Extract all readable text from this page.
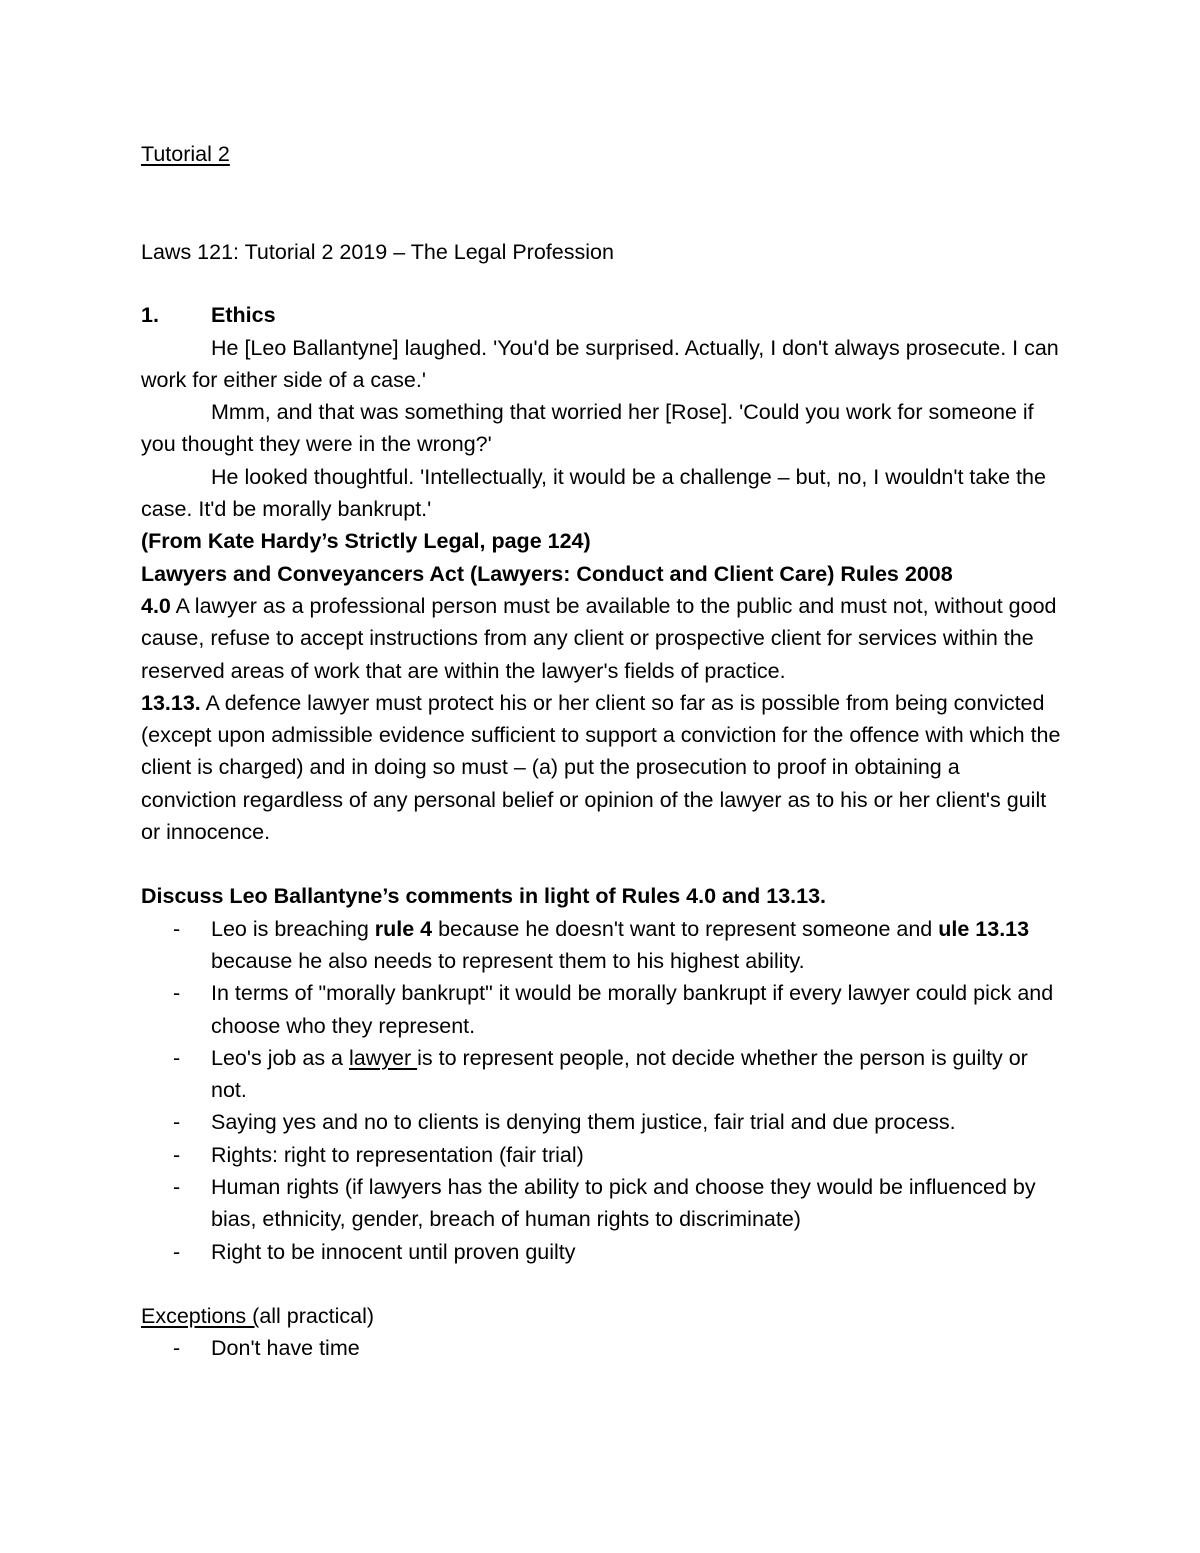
Tutorial 2

Laws 121: Tutorial 2 2019 – The Legal Profession

1.	Ethics

He [Leo Ballantyne] laughed. 'You'd be surprised. Actually, I don't always prosecute. I can work for either side of a case.'

Mmm, and that was something that worried her [Rose]. 'Could you work for someone if you thought they were in the wrong?'

He looked thoughtful. 'Intellectually, it would be a challenge – but, no, I wouldn't take the case. It'd be morally bankrupt.'

(From Kate Hardy’s Strictly Legal, page 124)

Lawyers and Conveyancers Act (Lawyers: Conduct and Client Care) Rules 2008

4.0 A lawyer as a professional person must be available to the public and must not, without good cause, refuse to accept instructions from any client or prospective client for services within the reserved areas of work that are within the lawyer's fields of practice.

13.13. A defence lawyer must protect his or her client so far as is possible from being convicted (except upon admissible evidence sufficient to support a conviction for the offence with which the client is charged) and in doing so must – (a) put the prosecution to proof in obtaining a conviction regardless of any personal belief or opinion of the lawyer as to his or her client's guilt or innocence.

Discuss Leo Ballantyne’s comments in light of Rules 4.0 and 13.13.

- Leo is breaching rule 4 because he doesn't want to represent someone and ule 13.13 because he also needs to represent them to his highest ability.
- In terms of "morally bankrupt" it would be morally bankrupt if every lawyer could pick and choose who they represent.
- Leo's job as a lawyer is to represent people, not decide whether the person is guilty or not.
- Saying yes and no to clients is denying them justice, fair trial and due process.
- Rights: right to representation (fair trial)
- Human rights (if lawyers has the ability to pick and choose they would be influenced by bias, ethnicity, gender, breach of human rights to discriminate)
- Right to be innocent until proven guilty

Exceptions (all practical)

- Don't have time
